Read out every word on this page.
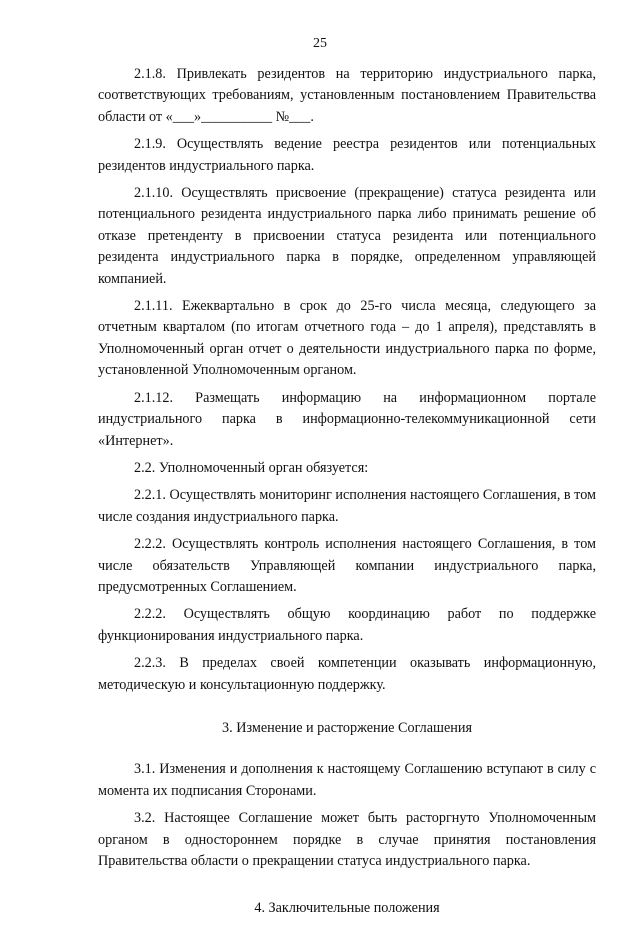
25

2.1.8. Привлекать резидентов на территорию индустриального парка, соответствующих требованиям, установленным постановлением Правительства области от «___»__________ №___.

2.1.9. Осуществлять ведение реестра резидентов или потенциальных резидентов индустриального парка.

2.1.10. Осуществлять присвоение (прекращение) статуса резидента или потенциального резидента индустриального парка либо принимать решение об отказе претенденту в присвоении статуса резидента или потенциального резидента индустриального парка в порядке, определенном управляющей компанией.

2.1.11. Ежеквартально в срок до 25-го числа месяца, следующего за отчетным кварталом (по итогам отчетного года – до 1 апреля), представлять в Уполномоченный орган отчет о деятельности индустриального парка по форме, установленной Уполномоченным органом.

2.1.12. Размещать информацию на информационном портале индустриального парка в информационно-телекоммуникационной сети «Интернет».

2.2. Уполномоченный орган обязуется:

2.2.1. Осуществлять мониторинг исполнения настоящего Соглашения, в том числе создания индустриального парка.

2.2.2. Осуществлять контроль исполнения настоящего Соглашения, в том числе обязательств Управляющей компании индустриального парка, предусмотренных Соглашением.

2.2.2. Осуществлять общую координацию работ по поддержке функционирования индустриального парка.

2.2.3. В пределах своей компетенции оказывать информационную, методическую и консультационную поддержку.

3. Изменение и расторжение Соглашения

3.1. Изменения и дополнения к настоящему Соглашению вступают в силу с момента их подписания Сторонами.

3.2. Настоящее Соглашение может быть расторгнуто Уполномоченным органом в одностороннем порядке в случае принятия постановления Правительства области о прекращении статуса индустриального парка.

4. Заключительные положения
